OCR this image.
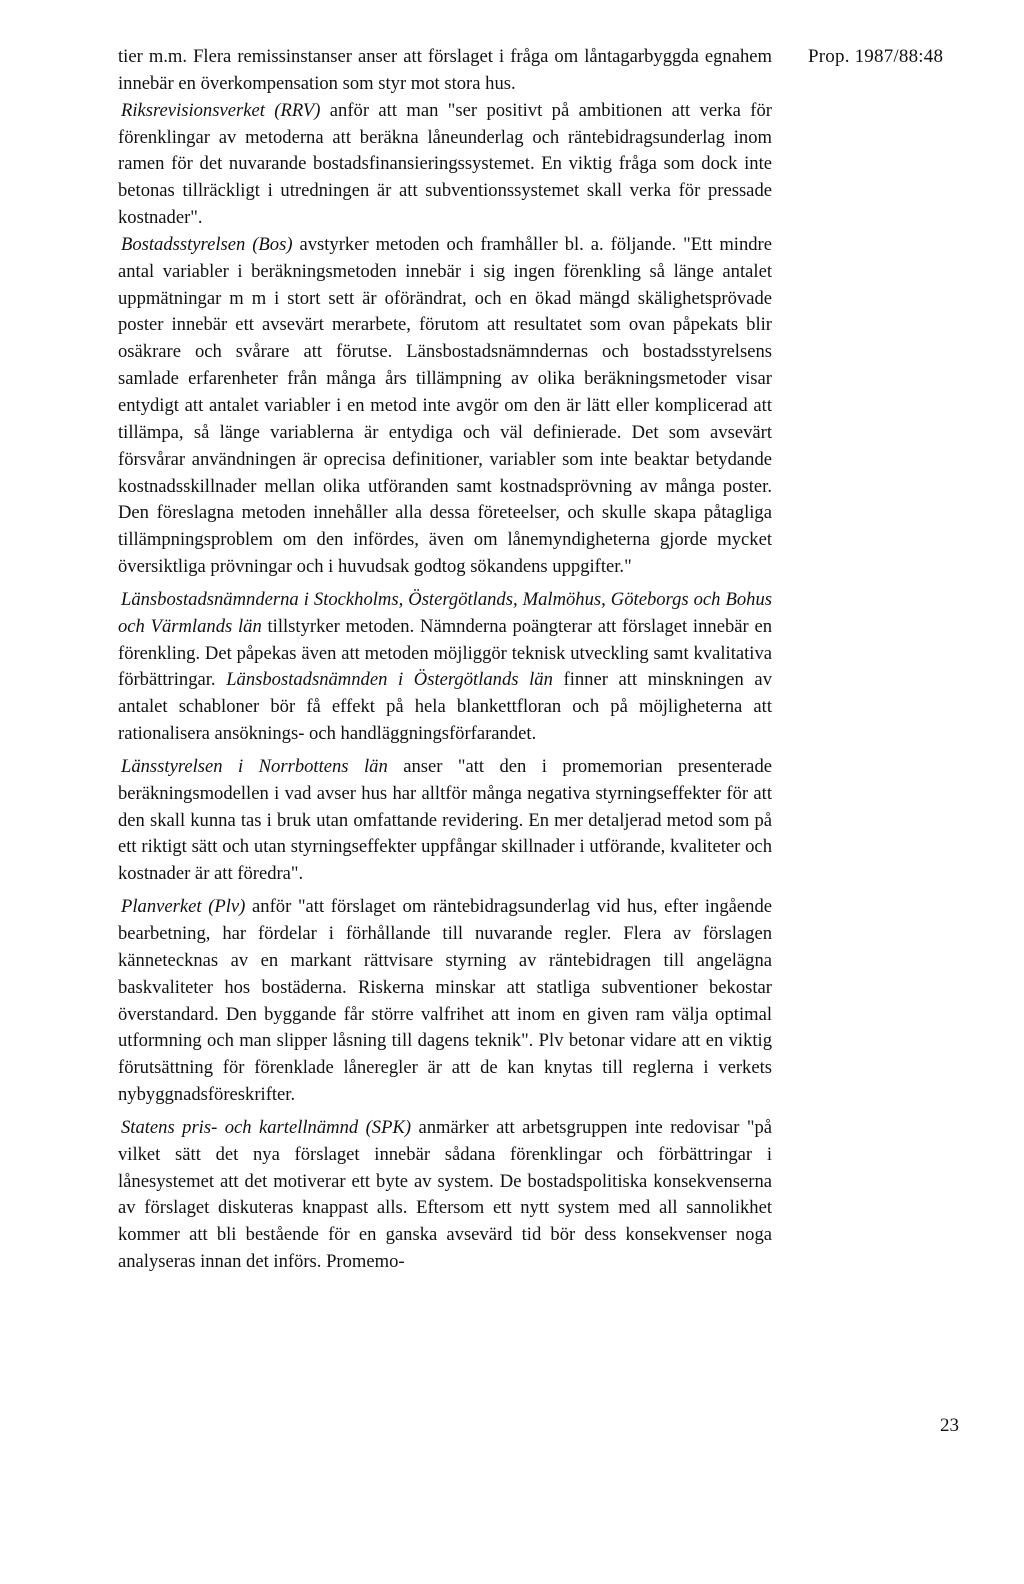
Prop. 1987/88:48

tier m.m. Flera remissinstanser anser att förslaget i fråga om låntagarbyggda egnahem innebär en överkompensation som styr mot stora hus.

Riksrevisionsverket (RRV) anför att man "ser positivt på ambitionen att verka för förenklingar av metoderna att beräkna låneunderlag och räntebidragsunderlag inom ramen för det nuvarande bostadsfinansieringssystemet. En viktig fråga som dock inte betonas tillräckligt i utredningen är att subventionssystemet skall verka för pressade kostnader".

Bostadsstyrelsen (Bos) avstyrker metoden och framhåller bl. a. följande. "Ett mindre antal variabler i beräkningsmetoden innebär i sig ingen förenkling så länge antalet uppmätningar m m i stort sett är oförändrat, och en ökad mängd skälighetsprövade poster innebär ett avsevärt merarbete, förutom att resultatet som ovan påpekats blir osäkrare och svårare att förutse. Länsbostadsnämndernas och bostadsstyrelsens samlade erfarenheter från många års tillämpning av olika beräkningsmetoder visar entydigt att antalet variabler i en metod inte avgör om den är lätt eller komplicerad att tillämpa, så länge variablerna är entydiga och väl definierade. Det som avsevärt försvårar användningen är oprecisa definitioner, variabler som inte beaktar betydande kostnadsskillnader mellan olika utföranden samt kostnadsprövning av många poster. Den föreslagna metoden innehåller alla dessa företeelser, och skulle skapa påtagliga tillämpningsproblem om den infördes, även om lånemyndigheterna gjorde mycket översiktliga prövningar och i huvudsak godtog sökandens uppgifter."

Länsbostadsnämnderna i Stockholms, Östergötlands, Malmöhus, Göteborgs och Bohus och Värmlands län tillstyrker metoden. Nämnderna poängterar att förslaget innebär en förenkling. Det påpekas även att metoden möjliggör teknisk utveckling samt kvalitativa förbättringar. Länsbostadsnämnden i Östergötlands län finner att minskningen av antalet schabloner bör få effekt på hela blankettfloran och på möjligheterna att rationalisera ansöknings- och handläggningsförfarandet.

Länsstyrelsen i Norrbottens län anser "att den i promemorian presenterade beräkningsmodellen i vad avser hus har alltför många negativa styrningseffekter för att den skall kunna tas i bruk utan omfattande revidering. En mer detaljerad metod som på ett riktigt sätt och utan styrningseffekter uppfångar skillnader i utförande, kvaliteter och kostnader är att föredra".

Planverket (Plv) anför "att förslaget om räntebidragsunderlag vid hus, efter ingående bearbetning, har fördelar i förhållande till nuvarande regler. Flera av förslagen kännetecknas av en markant rättvisare styrning av räntebidragen till angelägna baskvaliteter hos bostäderna. Riskerna minskar att statliga subventioner bekostar överstandard. Den byggande får större valfrihet att inom en given ram välja optimal utformning och man slipper låsning till dagens teknik". Plv betonar vidare att en viktig förutsättning för förenklade låneregler är att de kan knytas till reglerna i verkets nybyggnadsföreskrifter.

Statens pris- och kartellnämnd (SPK) anmärker att arbetsgruppen inte redovisar "på vilket sätt det nya förslaget innebär sådana förenklingar och förbättringar i lånesystemet att det motiverar ett byte av system. De bostadspolitiska konsekvenserna av förslaget diskuteras knappast alls. Eftersom ett nytt system med all sannolikhet kommer att bli bestående för en ganska avsevärd tid bör dess konsekvenser noga analyseras innan det införs. Promemo-

23
